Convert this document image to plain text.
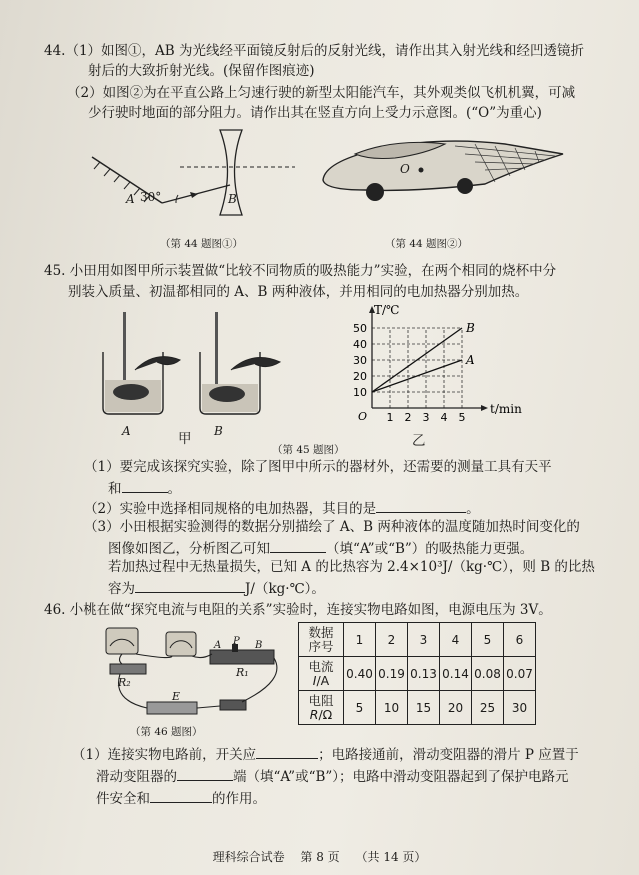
44.（1）如图①，AB 为光线经平面镜反射后的反射光线，请作出其入射光线和经凹透镜折
射后的大致折射光线。(保留作图痕迹)
（2）如图②为在平直公路上匀速行驶的新型太阳能汽车，其外观类似飞机机翼，可减
少行驶时地面的部分阻力。请作出其在竖直方向上受力示意图。(“O”为重心)
A 30°	B
（第 44 题图①）
O
（第 44 题图②）
45. 小田用如图甲所示装置做“比较不同物质的吸热能力”实验，在两个相同的烧杯中分
别装入质量、初温都相同的 A、B 两种液体，并用相同的电加热器分别加热。
A	甲 B
（第 45 题图）
乙
10
20
30
40
50
1 2 3 4 5
O
t/min
T/℃
A
B
（1）要完成该探究实验，除了图甲中所示的器材外，还需要的测量工具有天平
和	。
（2）实验中选择相同规格的电加热器，其目的是	。
（3）小田根据实验测得的数据分别描绘了 A、B 两种液体的温度随加热时间变化的
图像如图乙，分析图乙可知	（填“A”或“B”）的吸热能力更强。
若加热过程中无热量损失，已知 A 的比热容为 2.4×10³J/（kg·℃），则 B 的比热
容为	J/（kg·℃）。
46. 小桃在做“探究电流与电阻的关系”实验时，连接实物电路如图，电源电压为 3V。
A P B
R₁
R₂
E
（第 46 题图）
数据
序号	1	2	3	4	5	6
电流
I/A	0.40	0.19	0.13	0.14	0.08	0.07
电阻
R/Ω	5	10	15	20	25	30
（1）连接实物电路前，开关应	；电路接通前，滑动变阻器的滑片 P 应置于
滑动变阻器的	端（填“A”或“B”）；电路中滑动变阻器起到了保护电路元
件安全和	的作用。
理科综合试卷 第 8 页 （共 14 页）
